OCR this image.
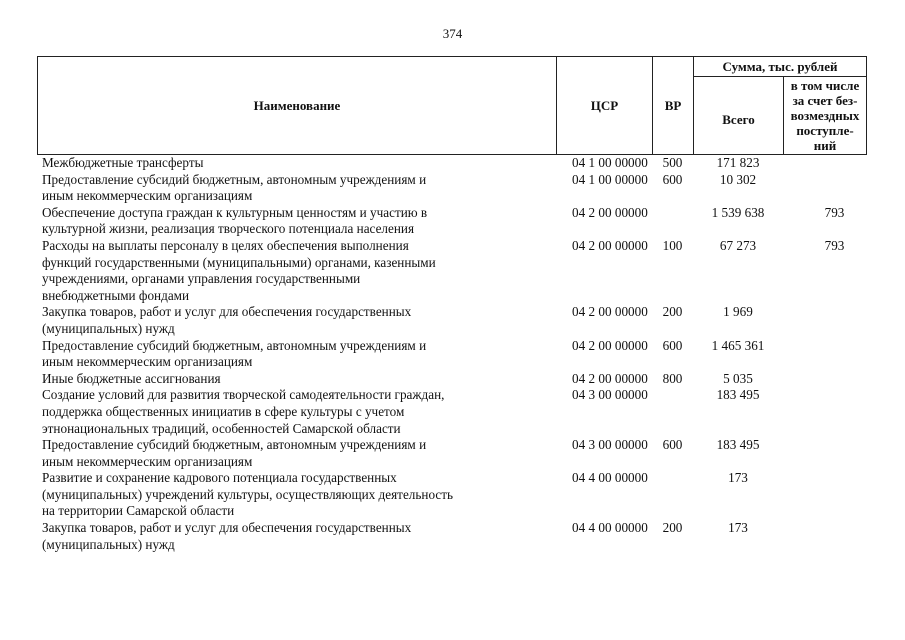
374
Наименование	ЦСР	ВР	Сумма, тыс. рублей	
			Всего	в том числе
за счет без-
возмездных
поступле-
ний
Межбюджетные трансферты	04 1 00 00000	500	171 823	

Предоставление субсидий бюджетным, автономным учреждениям и
иным некоммерческим организациям	04 1 00 00000	600	10 302	

Обеспечение доступа граждан к культурным ценностям и участию в
культурной жизни, реализация творческого потенциала населения	04 2 00 00000		1 539 638	793

Расходы на выплаты персоналу в целях обеспечения выполнения
функций государственными (муниципальными) органами, казенными
учреждениями, органами управления государственными
внебюджетными фондами	04 2 00 00000	100	67 273	793

Закупка товаров, работ и услуг для обеспечения государственных
(муниципальных) нужд	04 2 00 00000	200	1 969	

Предоставление субсидий бюджетным, автономным учреждениям и
иным некоммерческим организациям	04 2 00 00000	600	1 465 361	

Иные бюджетные ассигнования	04 2 00 00000	800	5 035	

Создание условий для развития творческой самодеятельности граждан,
поддержка общественных инициатив в сфере культуры с учетом
этнонациональных традиций, особенностей Самарской области	04 3 00 00000		183 495	

Предоставление субсидий бюджетным, автономным учреждениям и
иным некоммерческим организациям	04 3 00 00000	600	183 495	

Развитие и сохранение кадрового потенциала государственных
(муниципальных) учреждений культуры, осуществляющих деятельность
на территории Самарской области	04 4 00 00000		173	

Закупка товаров, работ и услуг для обеспечения государственных
(муниципальных) нужд	04 4 00 00000	200	173	
